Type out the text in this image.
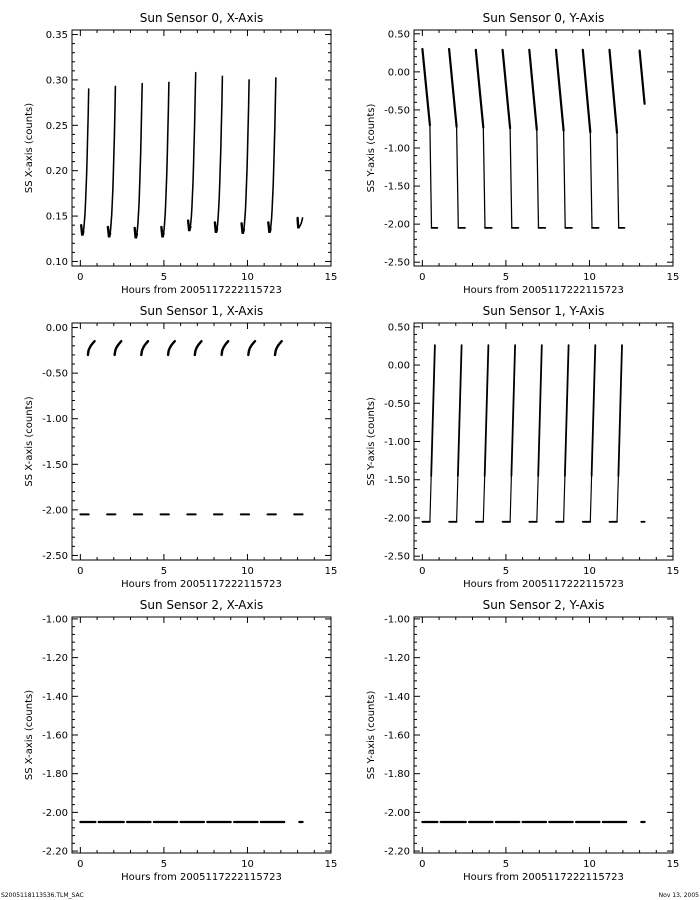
Sun Sensor 0, X-Axis
Hours from 2005117222115723
SS X-axis (counts)
0	5	10	15
0.10
0.15
0.20
0.25
0.30
0.35
Sun Sensor 0, Y-Axis
Hours from 2005117222115723
SS Y-axis (counts)
0	5	10	15
-2.50
-2.00
-1.50
-1.00
-0.50
0.00
0.50
Sun Sensor 1, X-Axis
Hours from 2005117222115723
SS X-axis (counts)
0	5	10	15
-2.50
-2.00
-1.50
-1.00
-0.50
0.00
Sun Sensor 1, Y-Axis
Hours from 2005117222115723
SS Y-axis (counts)
0	5	10	15
-2.50
-2.00
-1.50
-1.00
-0.50
0.00
0.50
Sun Sensor 2, X-Axis
Hours from 2005117222115723
SS X-axis (counts)
0	5	10	15
-2.20
-2.00
-1.80
-1.60
-1.40
-1.20
-1.00
Sun Sensor 2, Y-Axis
Hours from 2005117222115723
SS Y-axis (counts)
0	5	10	15
-2.20
-2.00
-1.80
-1.60
-1.40
-1.20
-1.00
S2005118113536.TLM_SAC	Nov 13, 2005
